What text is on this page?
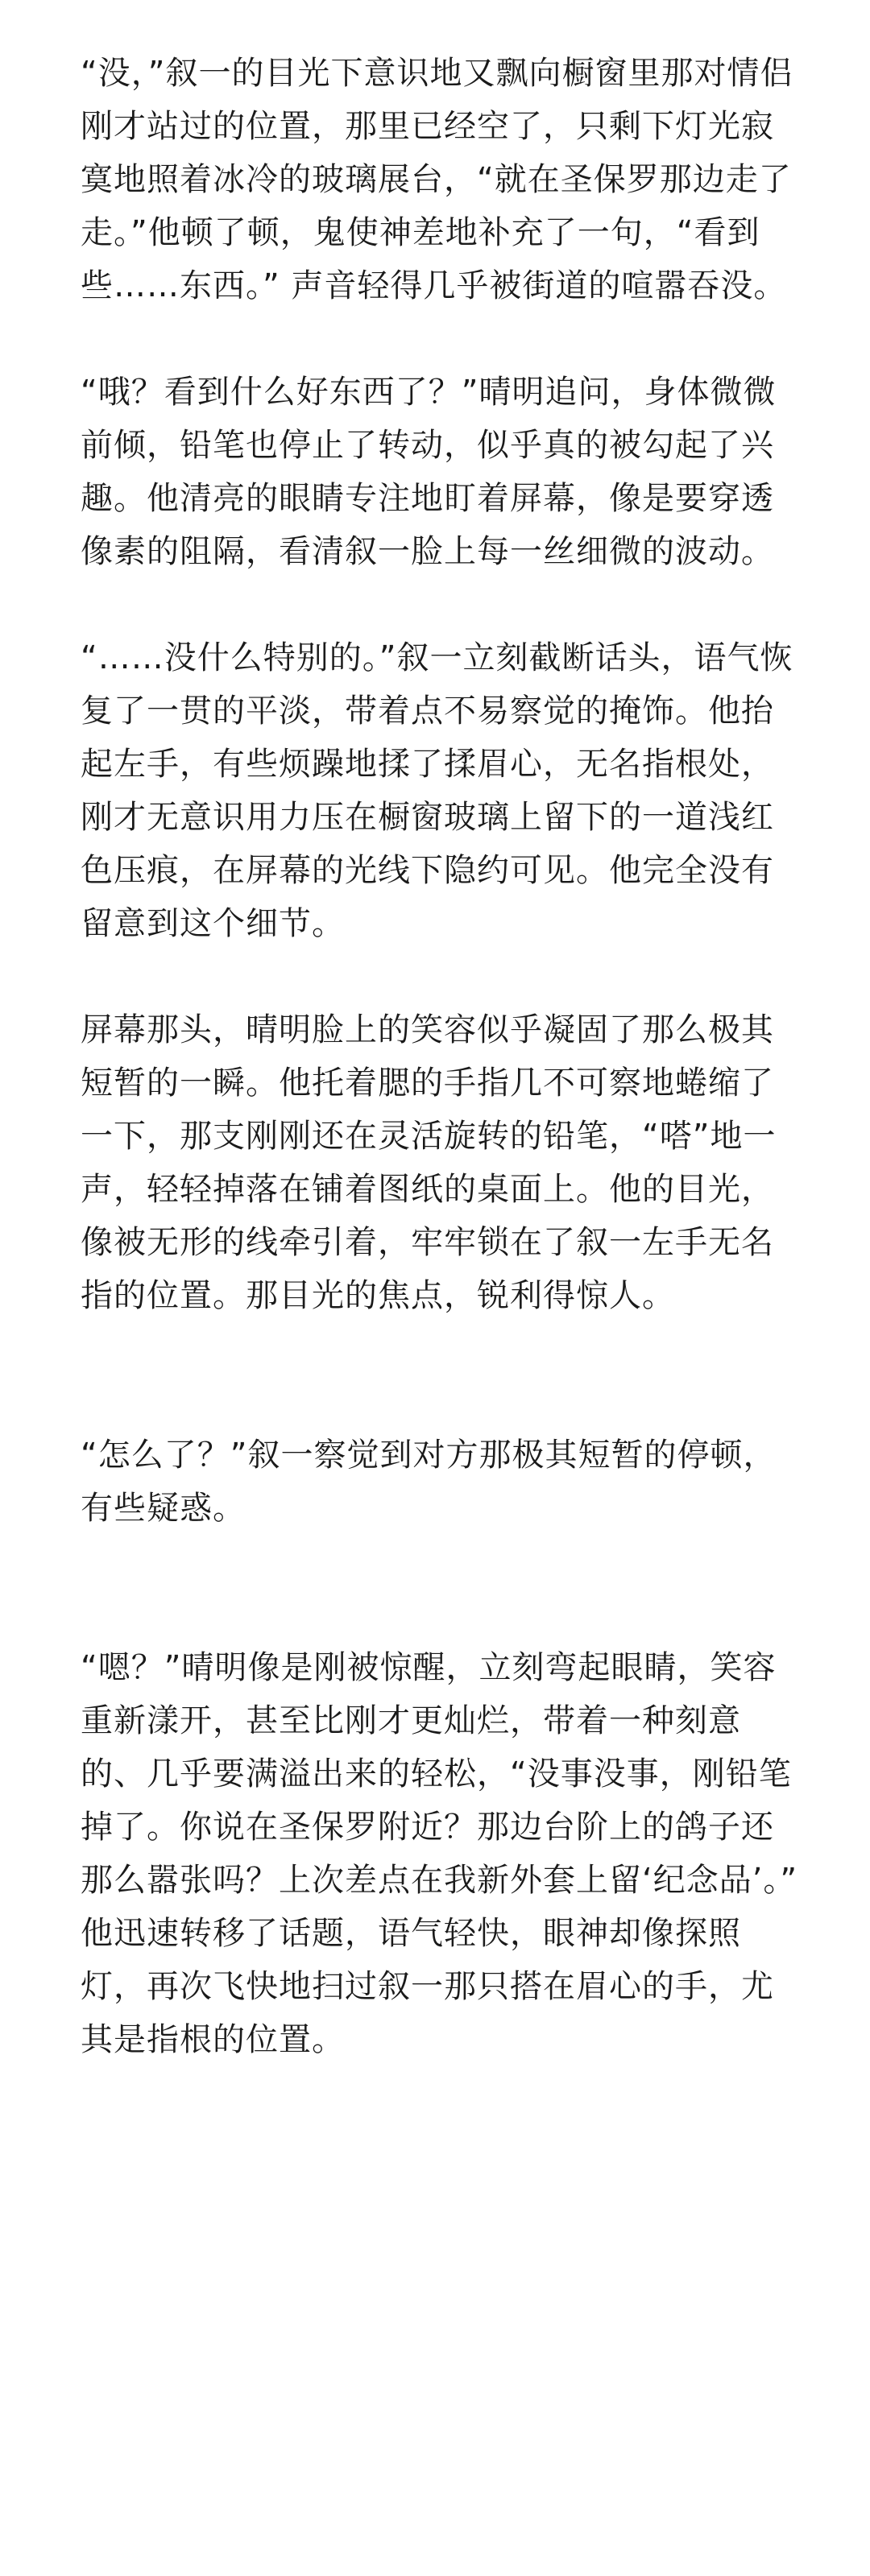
“没，”叙一的目光下意识地又飘向橱窗里那对情侣刚才站过的位置，那里已经空了，只剩下灯光寂寞地照着冰冷的玻璃展台，“就在圣保罗那边走了走。”他顿了顿，鬼使神差地补充了一句，“看到些……东西。” 声音轻得几乎被街道的喧嚣吞没。

“哦？看到什么好东西了？”晴明追问，身体微微前倾，铅笔也停止了转动，似乎真的被勾起了兴趣。他清亮的眼睛专注地盯着屏幕，像是要穿透像素的阻隔，看清叙一脸上每一丝细微的波动。

“……没什么特别的。”叙一立刻截断话头，语气恢复了一贯的平淡，带着点不易察觉的掩饰。他抬起左手，有些烦躁地揉了揉眉心，无名指根处，刚才无意识用力压在橱窗玻璃上留下的一道浅红色压痕，在屏幕的光线下隐约可见。他完全没有留意到这个细节。

屏幕那头，晴明脸上的笑容似乎凝固了那么极其短暂的一瞬。他托着腮的手指几不可察地蜷缩了一下，那支刚刚还在灵活旋转的铅笔，“嗒”地一声，轻轻掉落在铺着图纸的桌面上。他的目光，像被无形的线牵引着，牢牢锁在了叙一左手无名指的位置。那目光的焦点，锐利得惊人。

“怎么了？”叙一察觉到对方那极其短暂的停顿，有些疑惑。

“嗯？”晴明像是刚被惊醒，立刻弯起眼睛，笑容重新漾开，甚至比刚才更灿烂，带着一种刻意的、几乎要满溢出来的轻松，“没事没事，刚铅笔掉了。你说在圣保罗附近？那边台阶上的鸽子还那么嚣张吗？上次差点在我新外套上留‘纪念品’。” 他迅速转移了话题，语气轻快，眼神却像探照灯，再次飞快地扫过叙一那只搭在眉心的手，尤其是指根的位置。
